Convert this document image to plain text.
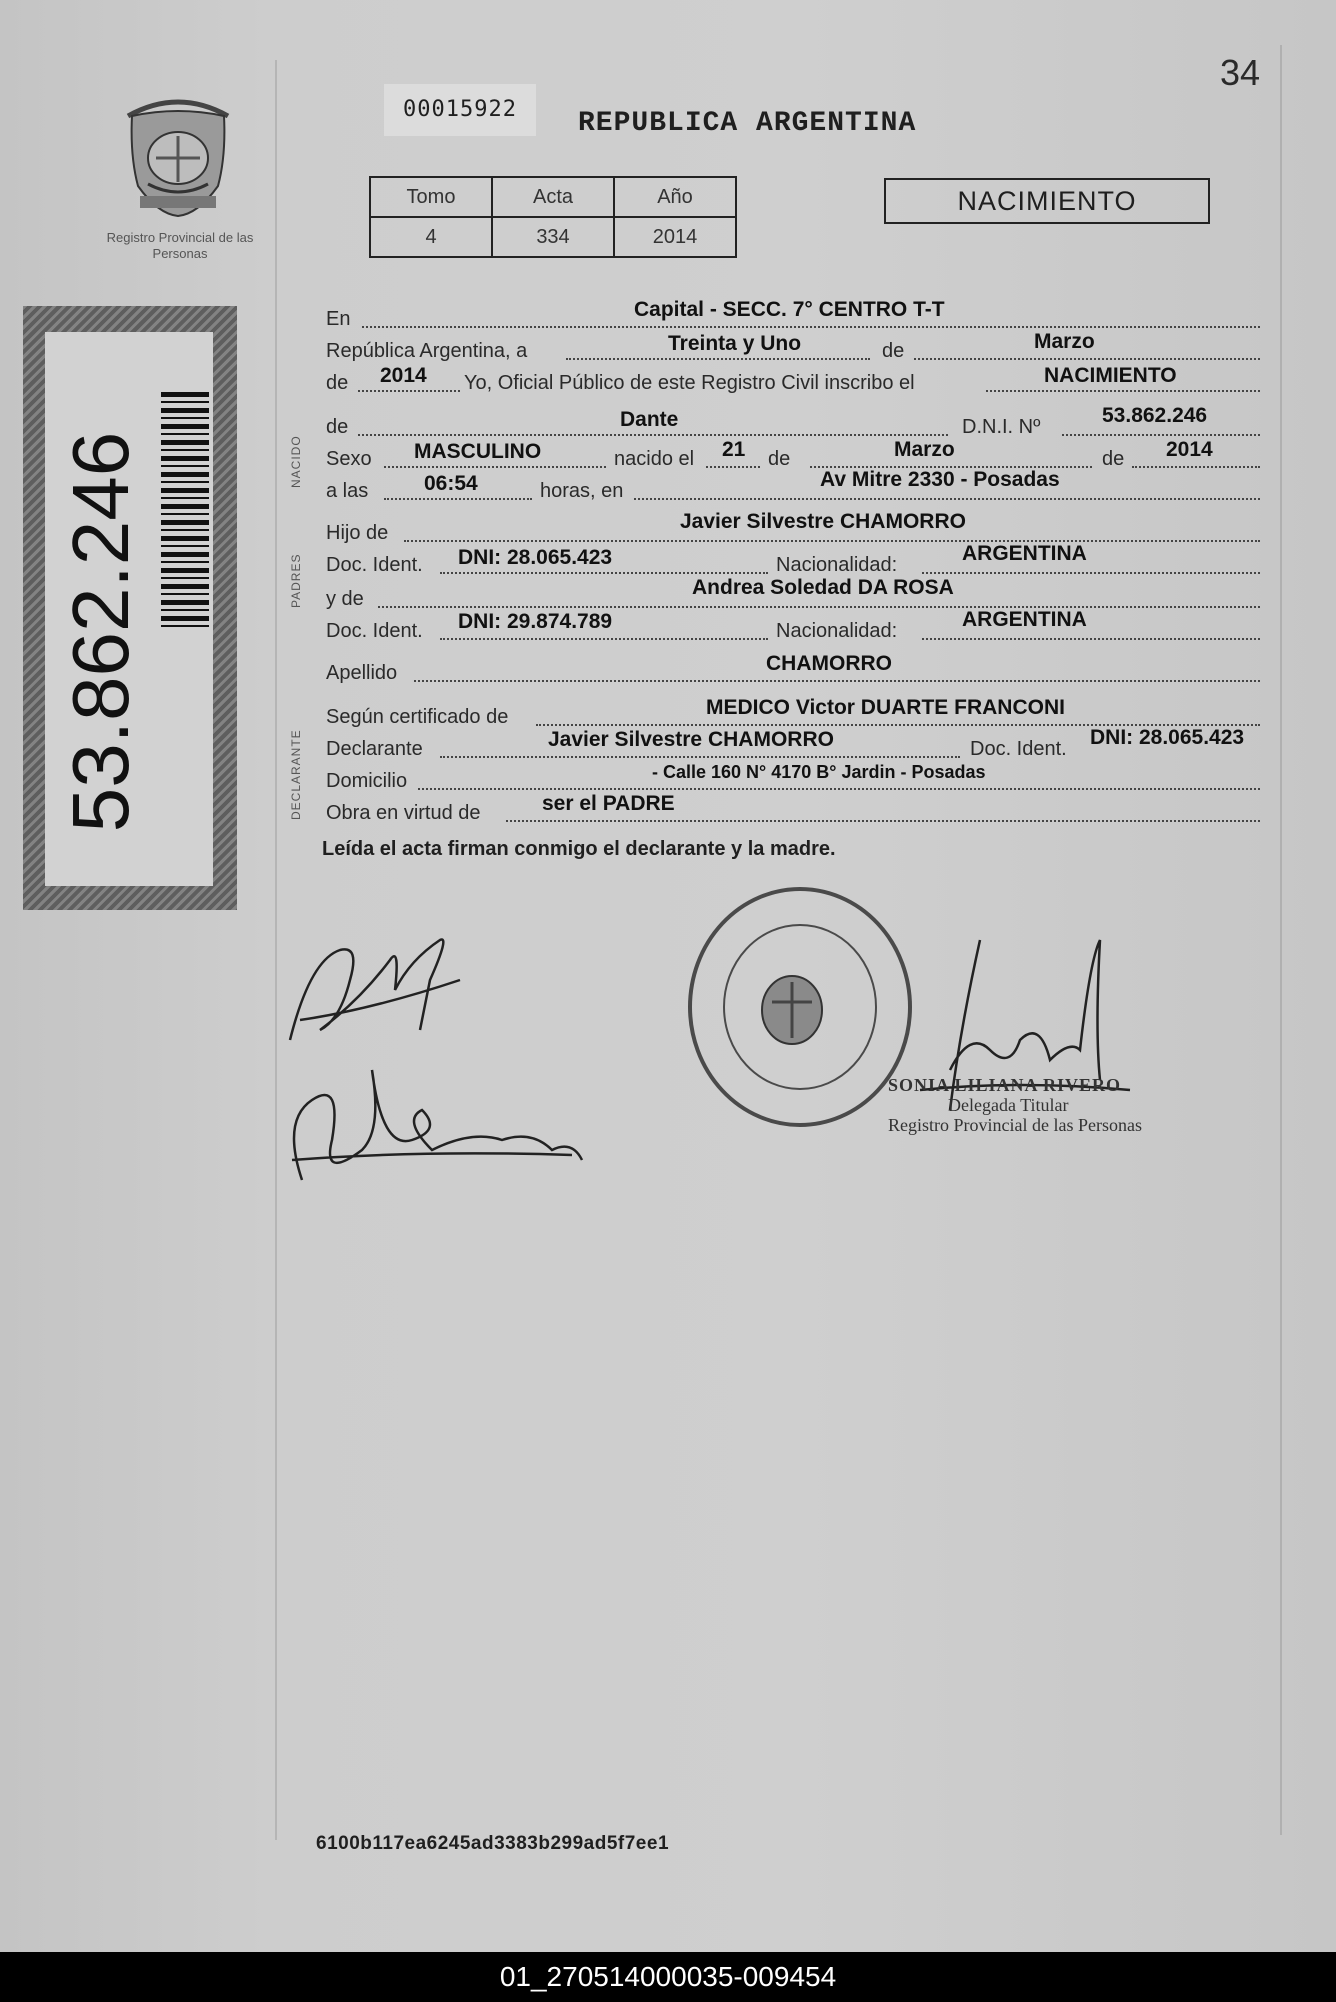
34
00015922	REPUBLICA ARGENTINA
Registro Provincial de las Personas
Tomo	Acta	Año
4	334	2014
NACIMIENTO
53.862.246	NACIDO
PADRES
DECLARANTE
En	Capital - SECC. 7° CENTRO T-T
República Argentina, a	Treinta y Uno	de	Marzo
de 2014 Yo, Oficial Público de este Registro Civil inscribo el	NACIMIENTO
de	Dante	D.N.I. Nº	53.862.246
Sexo MASCULINO	nacido el 21 de	Marzo	de 2014
a las	06:54	horas, en	Av Mitre 2330 - Posadas
Hijo de	Javier Silvestre CHAMORRO
Doc. Ident. DNI: 28.065.423	Nacionalidad:	ARGENTINA
y de	Andrea Soledad DA ROSA
Doc. Ident. DNI: 29.874.789	Nacionalidad:	ARGENTINA
Apellido	CHAMORRO
Según certificado de	MEDICO Victor DUARTE FRANCONI
Declarante	Javier Silvestre CHAMORRO	Doc. Ident. DNI: 28.065.423
Domicilio	- Calle 160 N° 4170 B° Jardin - Posadas
Obra en virtud de	ser el PADRE
Leída el acta firman conmigo el declarante y la madre.
SONIA LILIANA RIVERO
Delegada Titular
Registro Provincial de las Personas
6100b117ea6245ad3383b299ad5f7ee1
01_270514000035-009454
